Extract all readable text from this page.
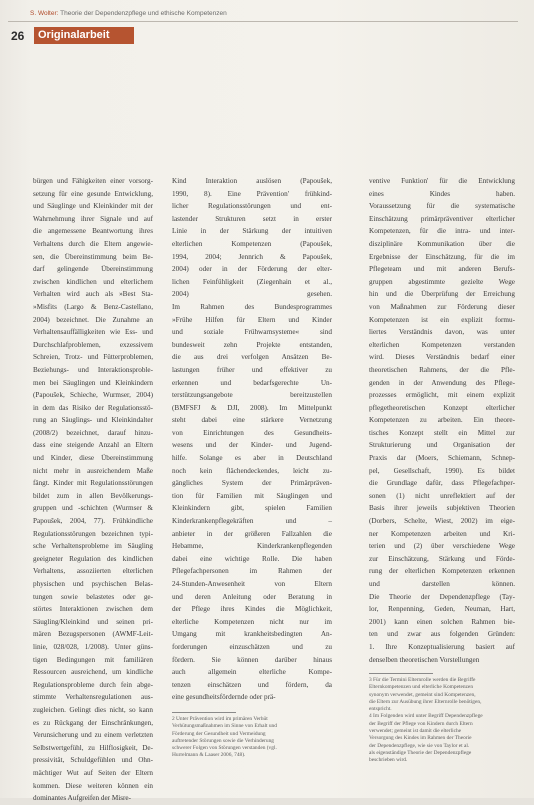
S. Wolter: Theorie der Dependenzpflege und ethische Kompetenzen
26	Originalarbeit

bürgen und Fähigkeiten einer vorsorg-

setzung für eine gesunde Entwicklung,

und Säuglinge und Kleinkinder mit der

Wahrnehmung ihrer Signale und auf

die angemessene Beantwortung ihres

Verhaltens durch die Eltern angewie-

sen, die Übereinstimmung beim Be-

darf gelingende Übereinstimmung

zwischen kindlichen und elterlichem

Verhalten wird auch als »Best Sta-

»Misfits (Largo & Benz-Castellano,

2004) bezeichnet. Die Zunahme an

Verhaltensauffälligkeiten wie Ess- und

Durchschlafproblemen, exzessivem

Schreien, Trotz- und Fütterproblemen,

Beziehungs- und Interaktionsproble-

men bei Säuglingen und Kleinkindern

(Papoušek, Schieche, Wurmser, 2004)

in dem das Risiko der Regulationsstö-

rung an Säuglings- und Kleinkindalter

(2008/2) bezeichnet, darauf hinzu-

dass eine steigende Anzahl an Eltern

und Kinder, diese Übereinstimmung

nicht mehr in ausreichendem Maße

fängt. Kinder mit Regulationsstörungen

bildet zum in allen Bevölkerungs-

gruppen und -schichten (Wurmser &

Papoušek, 2004, 77). Frühkindliche

Regulationsstörungen bezeichnen typi-

sche Verhaltensprobleme im Säugling

geeigneter Regulation des kindlichen

Verhaltens, assoziierten elterlichen

physischen und psychischen Belas-

tungen sowie belastetes oder ge-

störtes Interaktionen zwischen dem

Säugling/Kleinkind und seinen pri-

mären Bezugspersonen (AWMF-Leit-

linie, 028/028, 1/2008). Unter güns-

tigen Bedingungen mit familiären

Ressourcen ausreichend, um kindliche

Regulationsprobleme durch fein abge-

stimmte Verhaltensregulationen aus-

zugleichen. Gelingt dies nicht, so kann

es zu Rückgang der Einschränkungen,

Verunsicherung und zu einem verletzten

Selbstwertgefühl, zu Hilflosigkeit, De-

pressivität, Schuldgefühlen und Ohn-

mächtiger Wut auf Seiten der Eltern

kommen. Diese weiteren können ein

dominantes Aufgreifen der Misre-

Kind Interaktion auslösen (Papoušek,

1990, 8). Eine Prävention' frühkind-

licher Regulationsstörungen und ent-

lastender Strukturen setzt in erster

Linie in der Stärkung der intuitiven

elterlichen Kompetenzen (Papoušek,

1994, 2004; Jennrich & Papoušek,

2004) oder in der Förderung der elter-

lichen Feinfühligkeit (Ziegenhain et al.,

2004) gesehen.

Im Rahmen des Bundesprogrammes

»Frühe Hilfen für Eltern und Kinder

und soziale Frühwarnsysteme« sind

bundesweit zehn Projekte entstanden,

die aus drei verfolgen Ansätzen Be-

lastungen früher und effektiver zu

erkennen und bedarfsgerechte Un-

terstützungsangebote bereitzustellen

(BMFSFJ & DJI, 2008). Im Mittelpunkt

steht dabei eine stärkere Vernetzung

von Einrichtungen des Gesundheits-

wesens und der Kinder- und Jugend-

hilfe. Solange es aber in Deutschland

noch kein flächendeckendes, leicht zu-

gängliches System der Primärpräven-

tion für Familien mit Säuglingen und

Kleinkindern gibt, spielen Familien

Kinderkrankenpflegekräften und –

anbieter in der größeren Fallzahlen die

Hebamme, Kinderkrankenpflegenden

dabei eine wichtige Rolle. Die haben

Pflegefachpersonen im Rahmen der

24-Stunden-Anwesenheit von Eltern

und deren Anleitung oder Beratung in

der Pflege ihres Kindes die Möglichkeit,

elterliche Kompetenzen nicht nur im

Umgang mit krankheitsbedingten An-

forderungen einzuschätzen und zu

fördern. Sie können darüber hinaus

auch allgemein elterliche Kompe-

tenzen einschätzen und fördern, da

eine gesundheitsfördernde oder prä-

ventive Funktion' für die Entwicklung

eines Kindes haben.

Voraussetzung für die systematische

Einschätzung primärpräventiver elterlicher

Kompetenzen, für die intra- und inter-

disziplinäre Kommunikation über die

Ergebnisse der Einschätzung, für die im

Pflegeteam und mit anderen Berufs-

gruppen abgestimmte gezielte Wege

hin und die Überprüfung der Erreichung

von Maßnahmen zur Förderung dieser

Kompetenzen ist ein explizit formu-

liertes Verständnis davon, was unter

elterlichen Kompetenzen verstanden

wird. Dieses Verständnis bedarf einer

theoretischen Rahmens, der die Pfle-

genden in der Anwendung des Pflege-

prozesses ermöglicht, mit einem explizit

pflegetheoretischen Konzept elterlicher

Kompetenzen zu arbeiten. Ein theore-

tisches Konzept stellt ein Mittel zur

Strukturierung und Organisation der

Praxis dar (Moers, Schiemann, Schnep-

pel, Gesellschaft, 1990). Es bildet

die Grundlage dafür, dass Pflegefachper-

sonen (1) nicht unreflektiert auf der

Basis ihrer jeweils subjektiven Theorien

(Dorbers, Schelte, Wiest, 2002) im eige-

ner Kompetenzen arbeiten und Kri-

terien und (2) über verschiedene Wege

zur Einschätzung, Stärkung und Förde-

rung der elterlichen Kompetenzen erkennen

und darstellen können.

Die Theorie der Dependenzpflege (Tay-

lor, Renpenning, Geden, Neuman, Hart,

2001) kann einen solchen Rahmen bie-

ten und zwar aus folgenden Gründen:

1. Ihre Konzeptualisierung basiert auf

denselben theoretischen Vorstellungen

2 Unter Prävention wird im primären Verhüt

Verhütungsmaßnahmen im Sinne von Erhalt und

Förderung der Gesundheit und Vermeidung

auftretender Störungen sowie die Verhinderung

schwerer Folgen von Störungen verstanden (vgl.

Hurrelmann & Laaser 2006, 748).

3 Für die Termini Elternrolle werden die Begriffe

Elternkompetenzen und elterliche Kompetenzen

synonym verwendet, gemeint sind Kompetenzen,

die Eltern zur Ausübung ihrer Elternrolle benötigen,

entspricht.

4 Im Folgenden wird unter Begriff Dependenzpflege

der Begriff der Pflege von Kindern durch Eltern

verwendet; gemeint ist damit die elterliche

Versorgung des Kindes im Rahmen der Theorie

der Dependenzpflege, wie sie von Taylor et al.

als eigenständige Theorie der Dependenzpflege

beschrieben wird.
